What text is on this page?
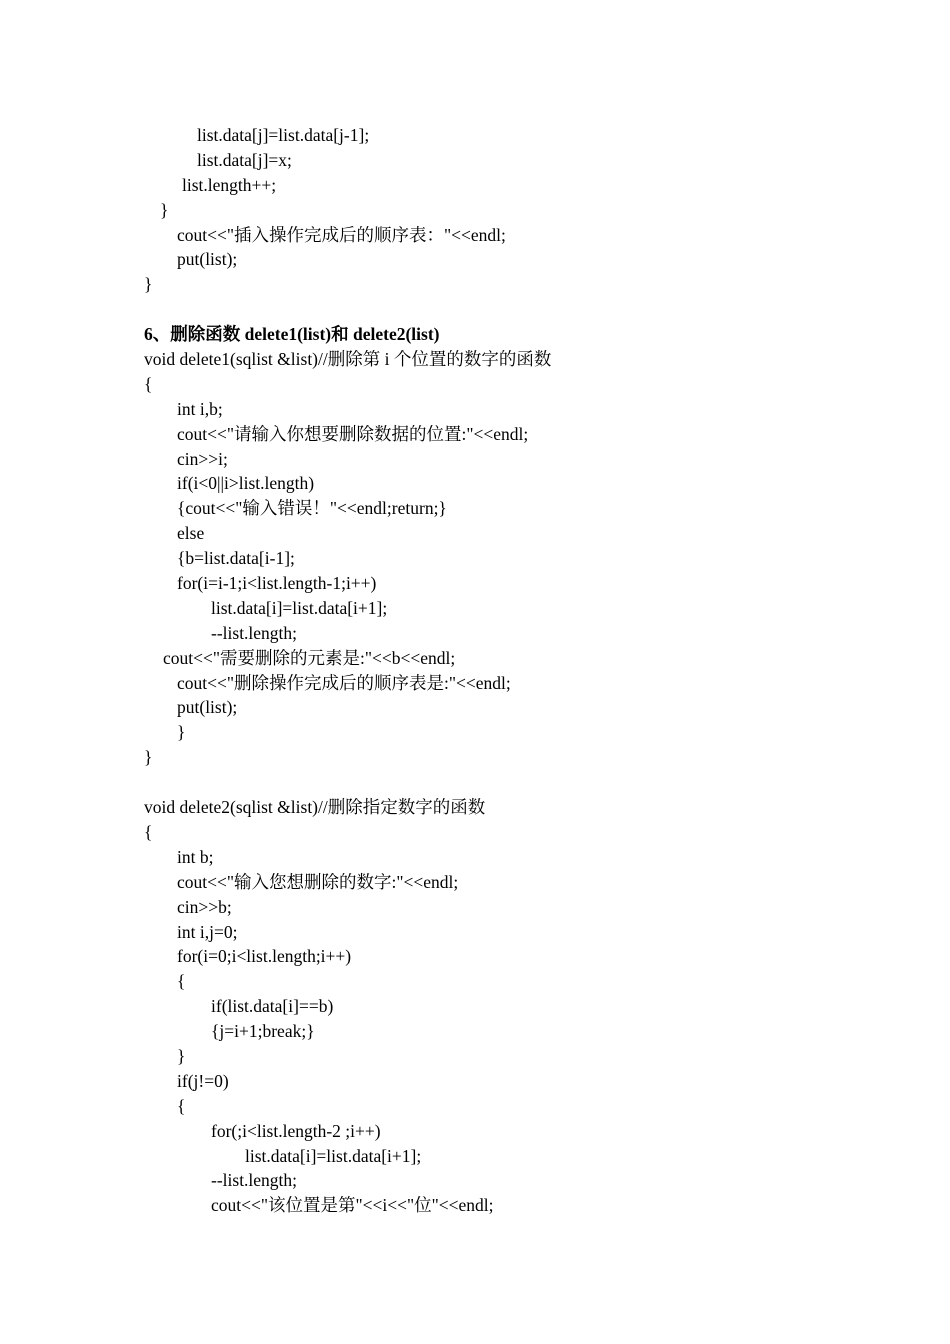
list.data[j]=list.data[j-1];
list.data[j]=x;
list.length++;
}
cout<<"插入操作完成后的顺序表："<<endl;
put(list);
}
6、删除函数 delete1(list)和 delete2(list)
void delete1(sqlist &list)//删除第 i 个位置的数字的函数
{
int i,b;
cout<<"请输入你想要删除数据的位置:"<<endl;
cin>>i;
if(i<0||i>list.length)
{cout<<"输入错误！"<<endl;return;}
else
{b=list.data[i-1];
for(i=i-1;i<list.length-1;i++)
list.data[i]=list.data[i+1];
--list.length;
cout<<"需要删除的元素是:"<<b<<endl;
cout<<"删除操作完成后的顺序表是:"<<endl;
put(list);
}
}
void delete2(sqlist &list)//删除指定数字的函数
{
int b;
cout<<"输入您想删除的数字:"<<endl;
cin>>b;
int i,j=0;
for(i=0;i<list.length;i++)
{
if(list.data[i]==b)
{j=i+1;break;}
}
if(j!=0)
{
for(;i<list.length-2 ;i++)
list.data[i]=list.data[i+1];
--list.length;
cout<<"该位置是第"<<i<<"位"<<endl;
